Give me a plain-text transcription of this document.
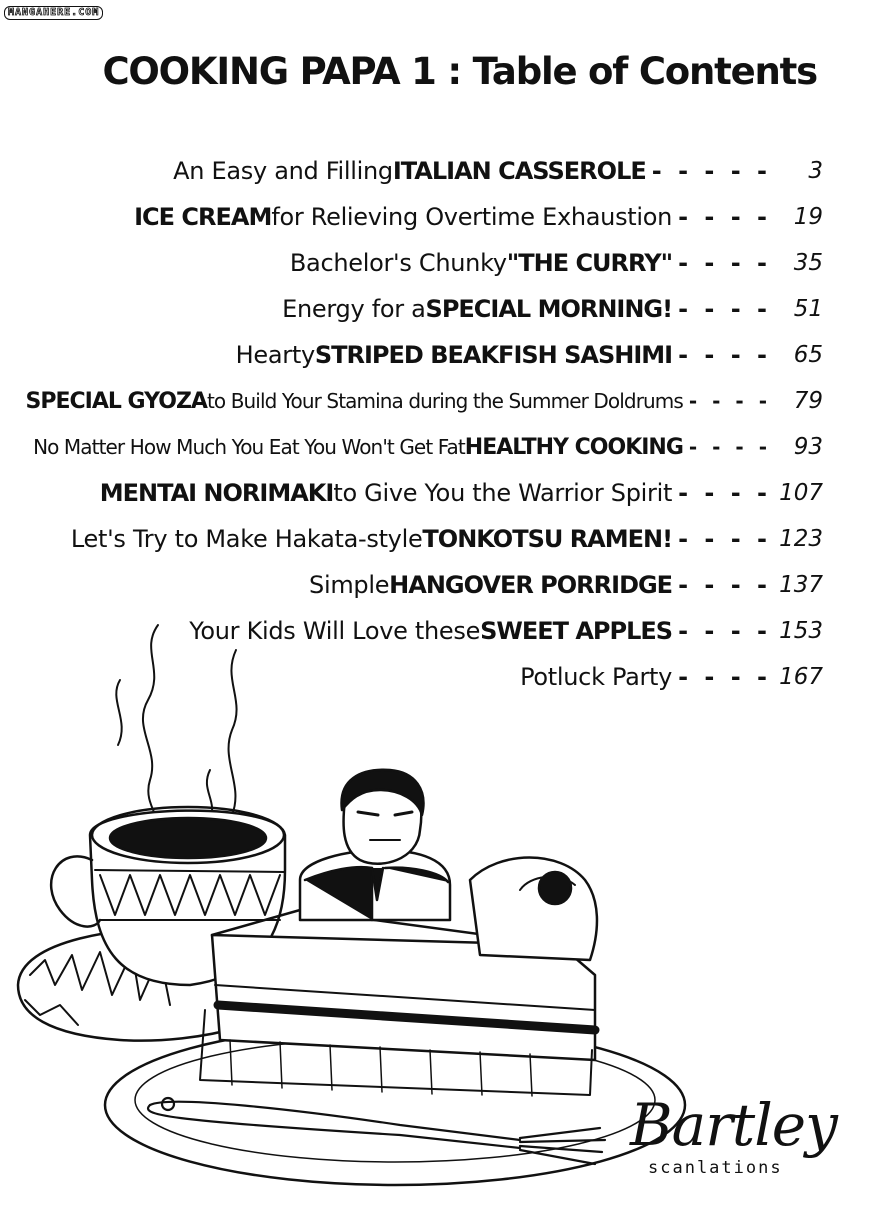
MANGAHERE.COM
COOKING PAPA 1 : Table of Contents
An Easy and Filling ITALIAN CASSEROLE - - - - -	3
ICE CREAM for Relieving Overtime Exhaustion - - - - 19
Bachelor's Chunky "THE CURRY" - - - - 35
Energy for a SPECIAL MORNING! - - - - 51
Hearty STRIPED BEAKFISH SASHIMI - - - - 65
SPECIAL GYOZA to Build Your Stamina during the Summer Doldrums - - - - 79
No Matter How Much You Eat You Won't Get Fat HEALTHY COOKING - - - - 93
MENTAI NORIMAKI to Give You the Warrior Spirit - - - - 107
Let's Try to Make Hakata-style TONKOTSU RAMEN! - - - - 123
Simple HANGOVER PORRIDGE - - - - 137
Your Kids Will Love these SWEET APPLES - - - - 153
Potluck Party - - - - 167
Bartley
scanlations
